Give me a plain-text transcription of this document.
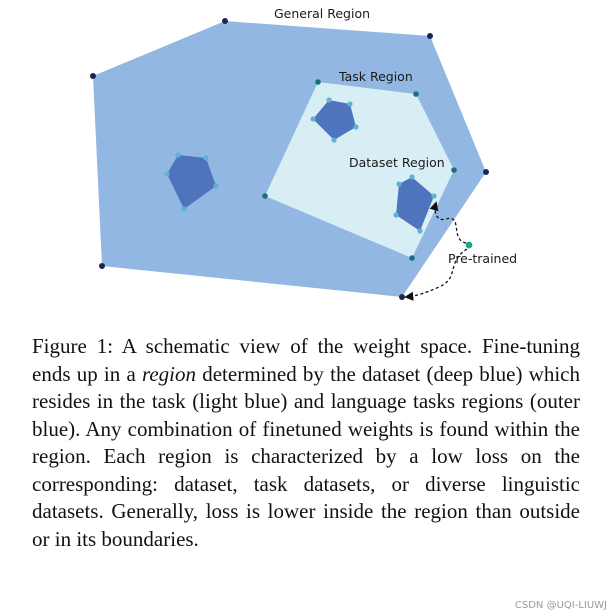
General Region
Task Region
Dataset Region
Pre-trained

Figure 1: A schematic view of the weight space. Fine-tuning ends up in a region determined by the dataset (deep blue) which resides in the task (light blue) and language tasks regions (outer blue). Any combination of finetuned weights is found within the region. Each region is characterized by a low loss on the corresponding: dataset, task datasets, or diverse linguistic datasets. Generally, loss is lower inside the region than outside or in its boundaries.

CSDN @UQI-LIUWJ
